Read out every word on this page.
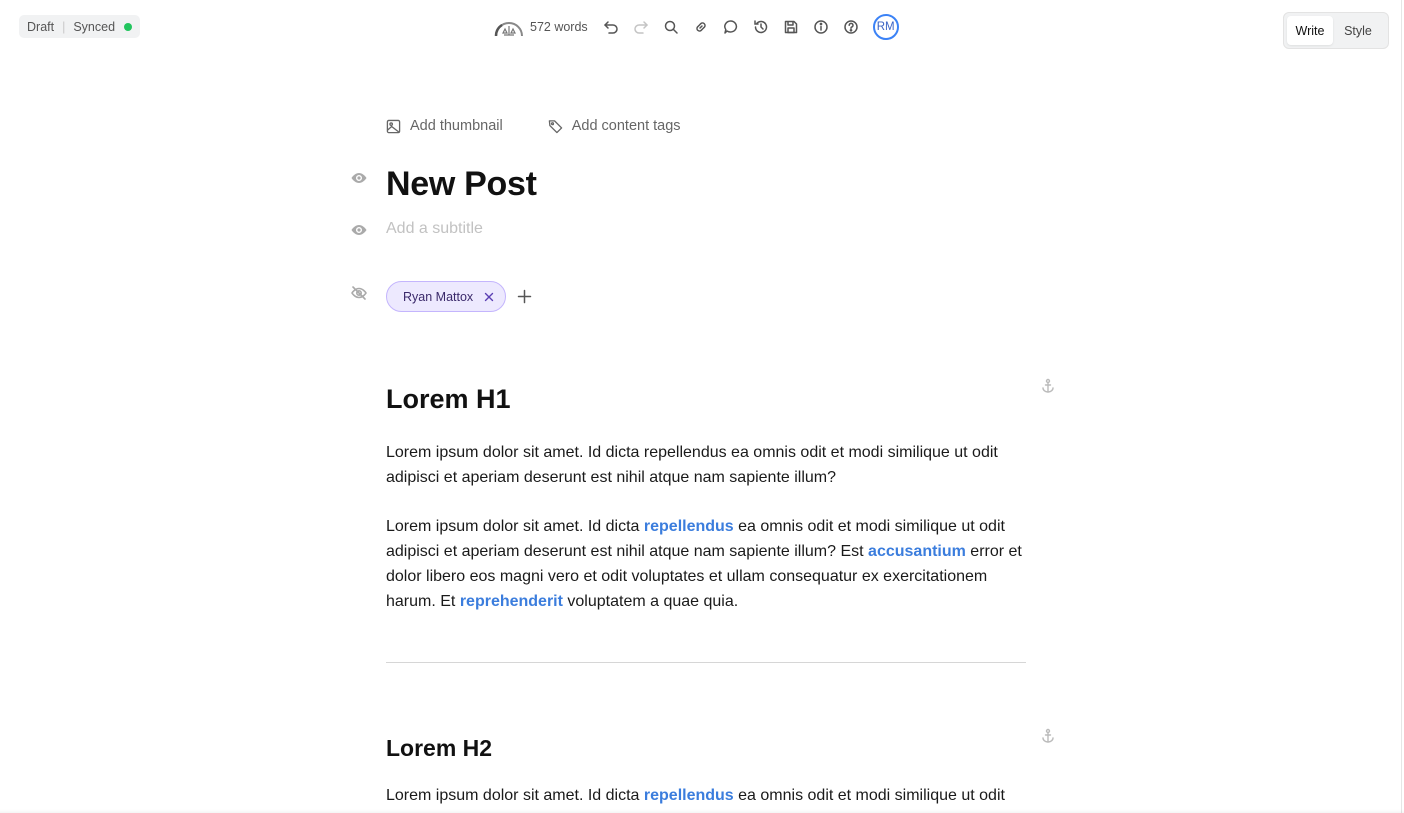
Draft | Synced	572 words	RM	Write	Style
Add thumbnail	Add content tags
New Post
Add a subtitle
Ryan Mattox
Lorem H1

Lorem ipsum dolor sit amet. Id dicta repellendus ea omnis odit et modi similique ut odit adipisci et aperiam deserunt est nihil atque nam sapiente illum?

Lorem ipsum dolor sit amet. Id dicta repellendus ea omnis odit et modi similique ut odit adipisci et aperiam deserunt est nihil atque nam sapiente illum? Est accusantium error et dolor libero eos magni vero et odit voluptates et ullam consequatur ex exercitationem harum. Et reprehenderit voluptatem a quae quia.

Lorem H2

Lorem ipsum dolor sit amet. Id dicta repellendus ea omnis odit et modi similique ut odit
